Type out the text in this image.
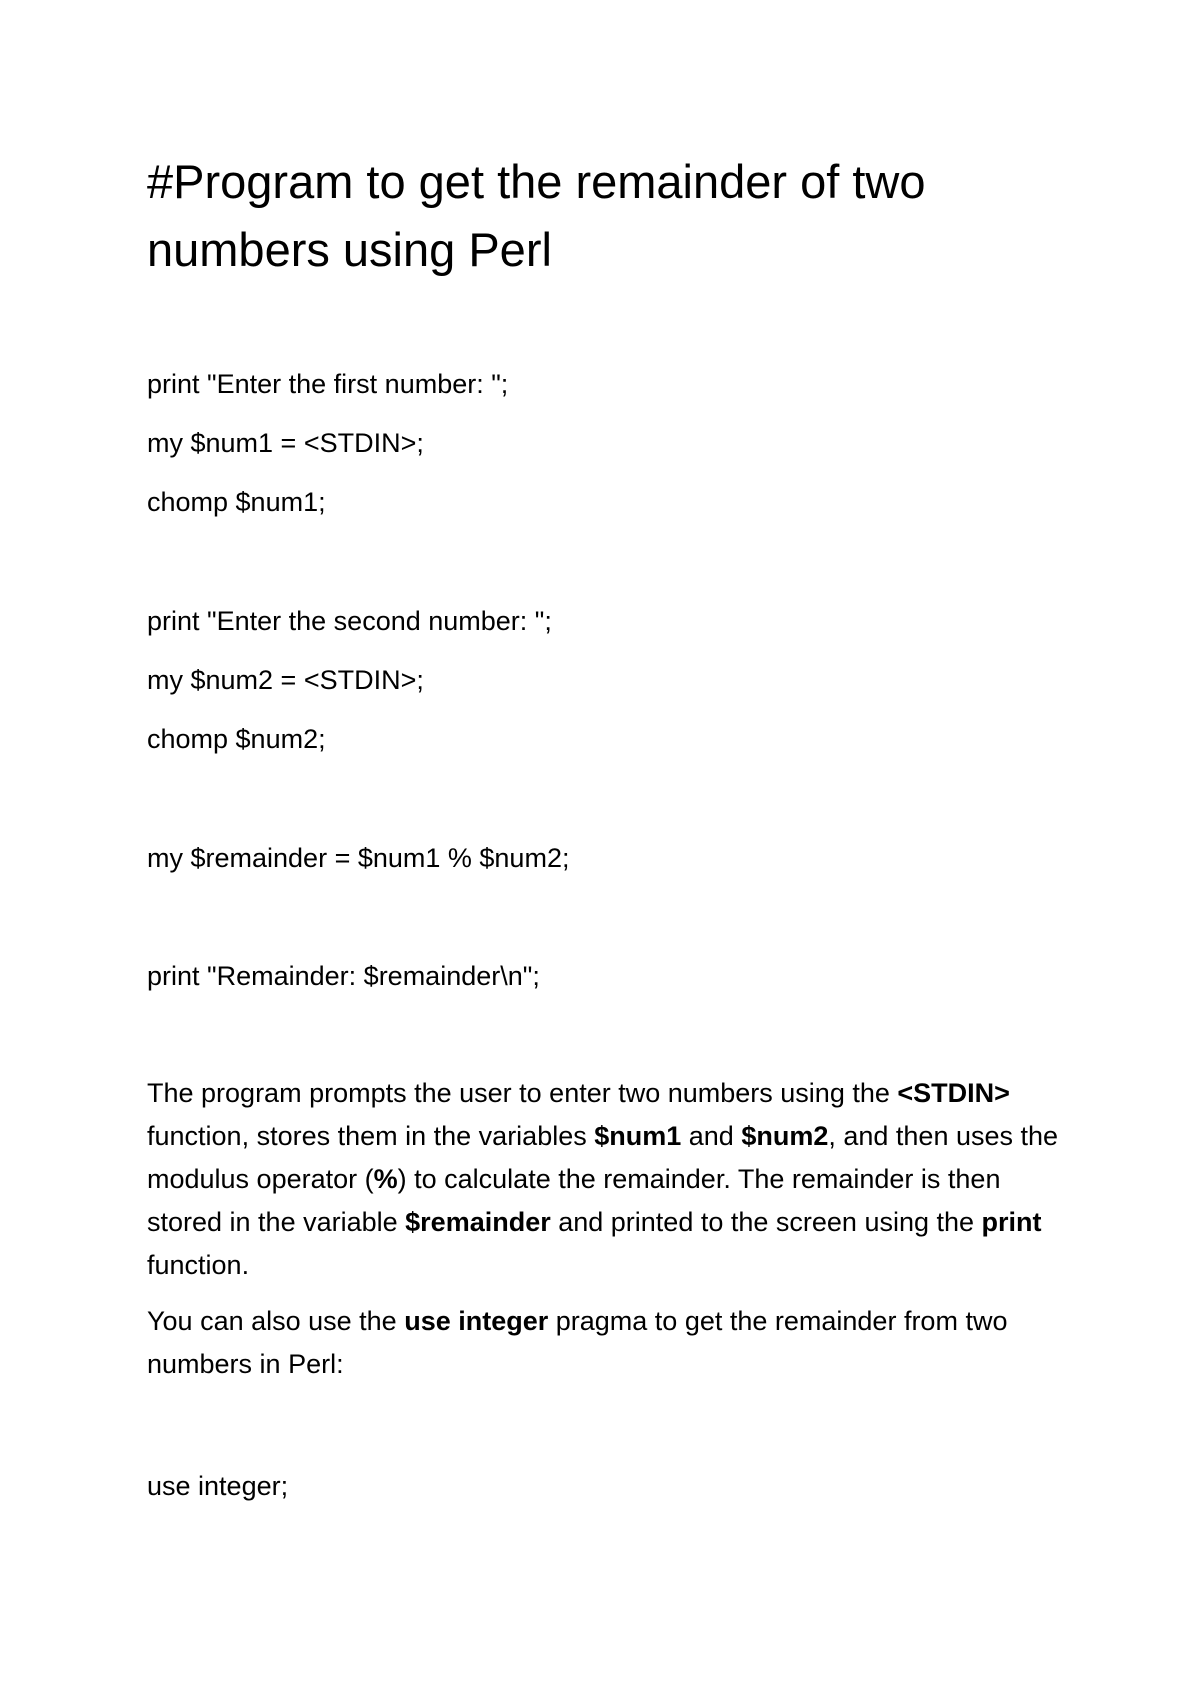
#Program to get the remainder of two numbers using Perl

print "Enter the first number: ";

my $num1 = <STDIN>;

chomp $num1;

print "Enter the second number: ";

my $num2 = <STDIN>;

chomp $num2;

my $remainder = $num1 % $num2;

print "Remainder: $remainder\n";

The program prompts the user to enter two numbers using the <STDIN> function, stores them in the variables $num1 and $num2, and then uses the modulus operator (%) to calculate the remainder. The remainder is then stored in the variable $remainder and printed to the screen using the print function.

You can also use the use integer pragma to get the remainder from two numbers in Perl:

use integer;
